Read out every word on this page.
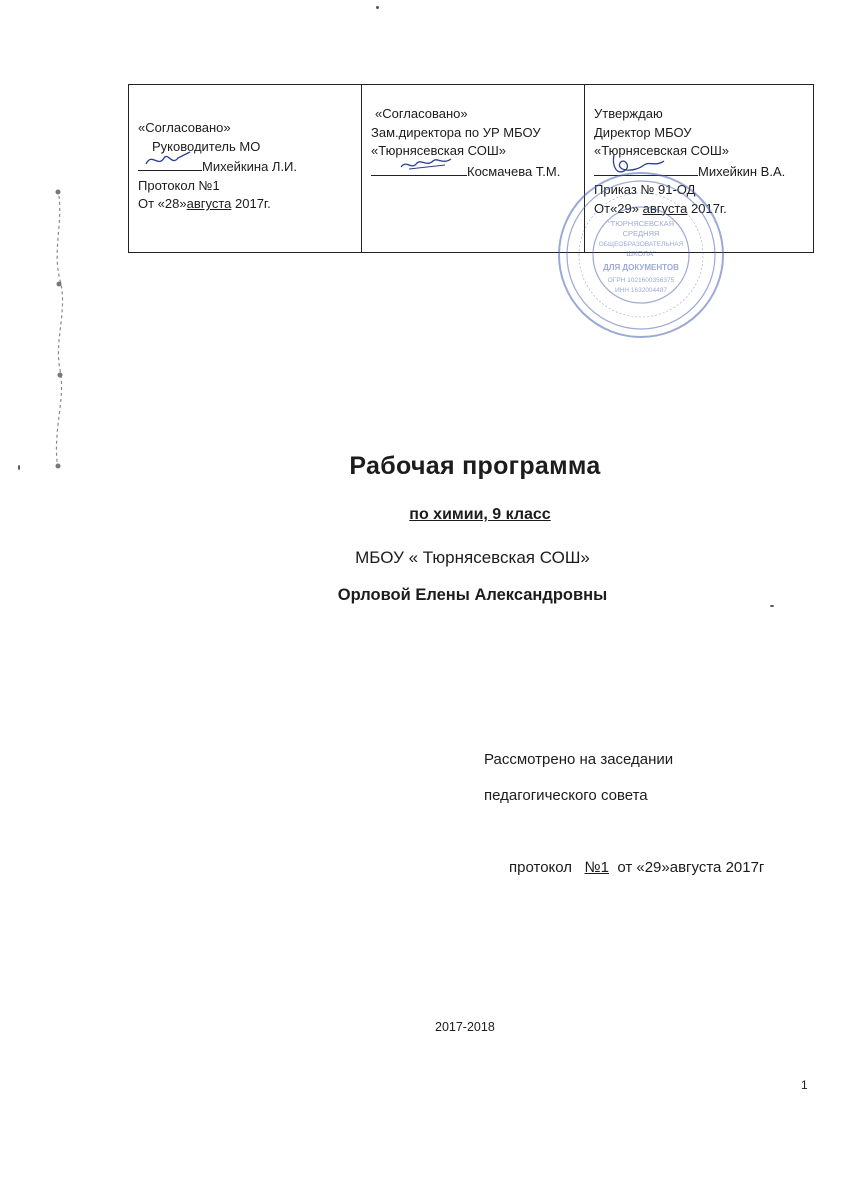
«Согласовано»
Руководитель МО
Михейкина Л.И.
Протокол №1
От «28»августа 2017г.

«Согласовано»
Зам.директора по УР МБОУ
«Тюрнясевская СОШ»
Космачева Т.М.

Утверждаю
Директор МБОУ
«Тюрнясевская СОШ»
Михейкин В.А.
Приказ № 91-ОД
От«29» августа 2017г.
"ТЮРНЯСЕВСКАЯ
СРЕДНЯЯ
ОБЩЕОБРАЗОВАТЕЛЬНАЯ
ШКОЛА"
ДЛЯ ДОКУМЕНТОВ
ОГРН 1021600356375
ИНН 1632004487
Рабочая программа
по химии, 9 класс
МБОУ « Тюрнясевская СОШ»
Орловой Елены Александровны
Рассмотрено на заседании
педагогического совета

протокол   №1  от «29»августа 2017г

2017-2018
1
